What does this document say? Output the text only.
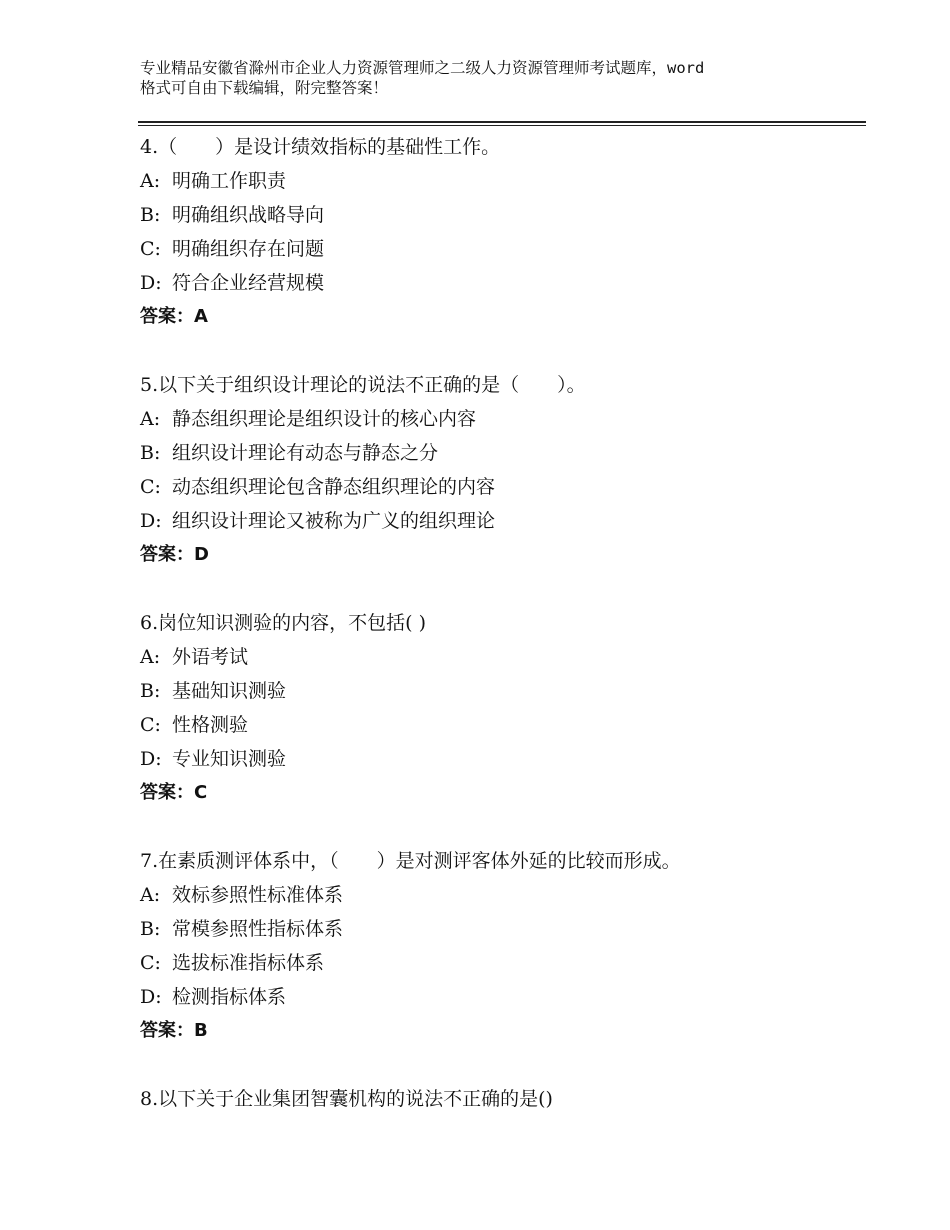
专业精品安徽省滁州市企业人力资源管理师之二级人力资源管理师考试题库，word
格式可自由下载编辑，附完整答案！
4.（　　）是设计绩效指标的基础性工作。
A: 明确工作职责
B: 明确组织战略导向
C: 明确组织存在问题
D: 符合企业经营规模
答案：A
5.以下关于组织设计理论的说法不正确的是（　　）。
A: 静态组织理论是组织设计的核心内容
B: 组织设计理论有动态与静态之分
C: 动态组织理论包含静态组织理论的内容
D: 组织设计理论又被称为广义的组织理论
答案：D
6.岗位知识测验的内容，不包括( )
A: 外语考试
B: 基础知识测验
C: 性格测验
D: 专业知识测验
答案：C
7.在素质测评体系中，（　　）是对测评客体外延的比较而形成。
A: 效标参照性标准体系
B: 常模参照性指标体系
C: 选拔标准指标体系
D: 检测指标体系
答案：B
8.以下关于企业集团智囊机构的说法不正确的是()
